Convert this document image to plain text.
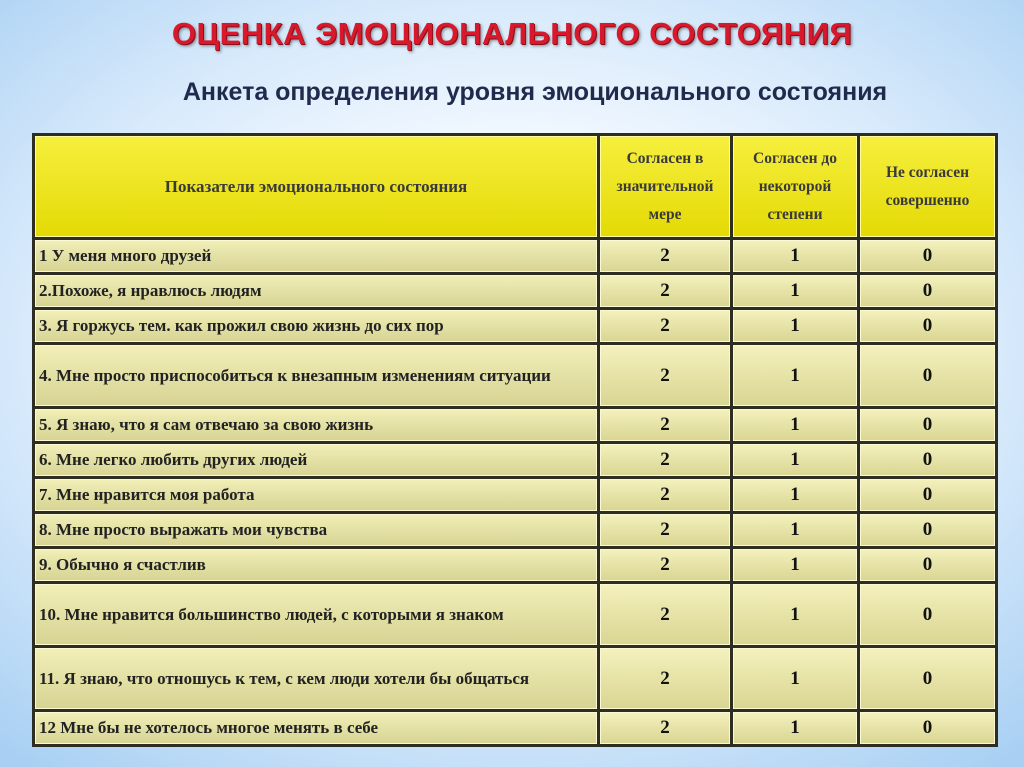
ОЦЕНКА ЭМОЦИОНАЛЬНОГО СОСТОЯНИЯ
Анкета определения уровня эмоционального состояния
Показатели эмоционального состояния	Согласен в значительной мере	Согласен до некоторой степени	Не согласен совершенно
1 У меня много друзей	2	1	0
2.Похоже, я нравлюсь людям	2	1	0
3. Я горжусь тем. как прожил свою жизнь до сих пор	2	1	0
4. Мне просто приспособиться к внезапным изменениям ситуации	2	1	0
5. Я знаю, что я сам отвечаю за свою жизнь	2	1	0
6. Мне легко любить других людей	2	1	0
7. Мне нравится моя работа	2	1	0
8. Мне просто выражать мои чувства	2	1	0
9. Обычно я счастлив	2	1	0
10. Мне нравится большинство людей, с которыми я знаком	2	1	0
11. Я знаю, что отношусь к тем, с кем люди хотели бы общаться	2	1	0
12 Мне бы не хотелось многое менять в себе	2	1	0
